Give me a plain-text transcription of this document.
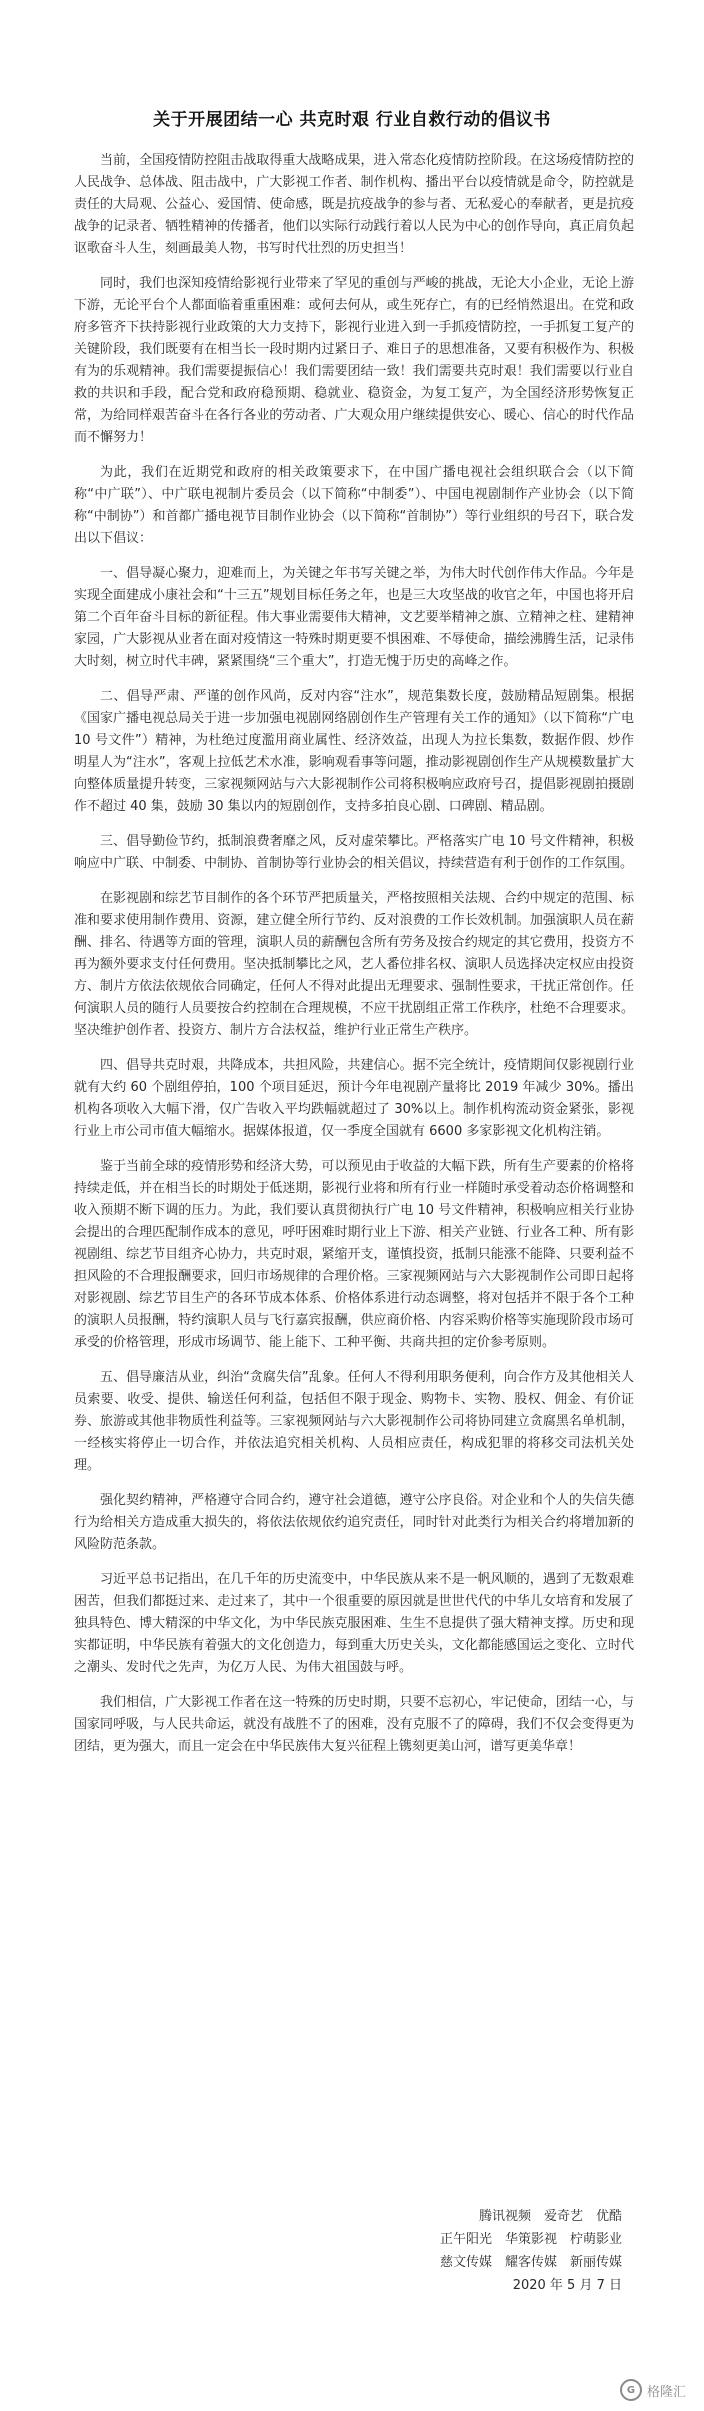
关于开展团结一心 共克时艰 行业自救行动的倡议书

当前，全国疫情防控阻击战取得重大战略成果，进入常态化疫情防控阶段。在这场疫情防控的人民战争、总体战、阻击战中，广大影视工作者、制作机构、播出平台以疫情就是命令，防控就是责任的大局观、公益心、爱国情、使命感，既是抗疫战争的参与者、无私爱心的奉献者，更是抗疫战争的记录者、牺牲精神的传播者，他们以实际行动践行着以人民为中心的创作导向，真正肩负起讴歌奋斗人生，刻画最美人物，书写时代壮烈的历史担当！

同时，我们也深知疫情给影视行业带来了罕见的重创与严峻的挑战，无论大小企业，无论上游下游，无论平台个人都面临着重重困难：或何去何从，或生死存亡，有的已经悄然退出。在党和政府多管齐下扶持影视行业政策的大力支持下，影视行业进入到一手抓疫情防控，一手抓复工复产的关键阶段，我们既要有在相当长一段时期内过紧日子、难日子的思想准备，又要有积极作为、积极有为的乐观精神。我们需要提振信心！我们需要团结一致！我们需要共克时艰！我们需要以行业自救的共识和手段，配合党和政府稳预期、稳就业、稳资金，为复工复产，为全国经济形势恢复正常，为给同样艰苦奋斗在各行各业的劳动者、广大观众用户继续提供安心、暖心、信心的时代作品而不懈努力！

为此，我们在近期党和政府的相关政策要求下，在中国广播电视社会组织联合会（以下简称“中广联”）、中广联电视制片委员会（以下简称“中制委”）、中国电视剧制作产业协会（以下简称“中制协”）和首都广播电视节目制作业协会（以下简称“首制协”）等行业组织的号召下，联合发出以下倡议：

一、倡导凝心聚力，迎难而上，为关键之年书写关键之举，为伟大时代创作伟大作品。今年是实现全面建成小康社会和“十三五”规划目标任务之年，也是三大攻坚战的收官之年，中国也将开启第二个百年奋斗目标的新征程。伟大事业需要伟大精神，文艺要举精神之旗、立精神之柱、建精神家园，广大影视从业者在面对疫情这一特殊时期更要不惧困难、不辱使命，描绘沸腾生活，记录伟大时刻，树立时代丰碑，紧紧围绕“三个重大”，打造无愧于历史的高峰之作。

二、倡导严肃、严谨的创作风尚，反对内容“注水”，规范集数长度，鼓励精品短剧集。根据《国家广播电视总局关于进一步加强电视剧网络剧创作生产管理有关工作的通知》（以下简称“广电 10 号文件”）精神，为杜绝过度濫用商业属性、经济效益，出现人为拉长集数，数据作假、炒作明星人为“注水”，客观上拉低艺术水准，影响观看事等问题，推动影视剧创作生产从规模数量扩大向整体质量提升转变，三家视频网站与六大影视制作公司将积极响应政府号召，提倡影视剧拍摄剧作不超过 40 集，鼓励 30 集以内的短剧创作，支持多拍良心剧、口碑剧、精品剧。

三、倡导勤俭节约，抵制浪费奢靡之风，反对虚荣攀比。严格落实广电 10 号文件精神，积极响应中广联、中制委、中制协、首制协等行业协会的相关倡议，持续营造有利于创作的工作氛围。

在影视剧和综艺节目制作的各个环节严把质量关，严格按照相关法规、合约中规定的范围、标准和要求使用制作费用、资源，建立健全所行节约、反对浪费的工作长效机制。加强演职人员在薪酬、排名、待遇等方面的管理，演职人员的薪酬包含所有劳务及按合约规定的其它费用，投资方不再为额外要求支付任何费用。坚决抵制攀比之风，艺人番位排名权、演职人员选择决定权应由投资方、制片方依法依规依合同确定，任何人不得对此提出无理要求、强制性要求，干扰正常创作。任何演职人员的随行人员要按合约控制在合理规模，不应干扰剧组正常工作秩序，杜绝不合理要求。坚决维护创作者、投资方、制片方合法权益，维护行业正常生产秩序。

四、倡导共克时艰，共降成本，共担风险，共建信心。据不完全统计，疫情期间仅影视剧行业就有大约 60 个剧组停拍，100 个项目延迟，预计今年电视剧产量将比 2019 年减少 30%。播出机构各项收入大幅下滑，仅广告收入平均跌幅就超过了 30%以上。制作机构流动资金紧张，影视行业上市公司市值大幅缩水。据媒体报道，仅一季度全国就有 6600 多家影视文化机构注销。

鉴于当前全球的疫情形势和经济大势，可以预见由于收益的大幅下跌，所有生产要素的价格将持续走低，并在相当长的时期处于低迷期，影视行业将和所有行业一样随时承受着动态价格调整和收入预期不断下调的压力。为此，我们要认真贯彻执行广电 10 号文件精神，积极响应相关行业协会提出的合理匹配制作成本的意见，呼吁困难时期行业上下游、相关产业链、行业各工种、所有影视剧组、综艺节目组齐心协力，共克时艰，紧缩开支，谨慎投资，抵制只能涨不能降、只要利益不担风险的不合理报酬要求，回归市场规律的合理价格。三家视频网站与六大影视制作公司即日起将对影视剧、综艺节目生产的各环节成本体系、价格体系进行动态调整，将对包括并不限于各个工种的演职人员报酬，特约演职人员与飞行嘉宾报酬，供应商价格、内容采购价格等实施现阶段市场可承受的价格管理，形成市场调节、能上能下、工种平衡、共商共担的定价参考原则。

五、倡导廉洁从业，纠治“贪腐失信”乱象。任何人不得利用职务便利，向合作方及其他相关人员索要、收受、提供、输送任何利益，包括但不限于现金、购物卡、实物、股权、佣金、有价证券、旅游或其他非物质性利益等。三家视频网站与六大影视制作公司将协同建立贪腐黑名单机制，一经核实将停止一切合作，并依法追究相关机构、人员相应责任，构成犯罪的将移交司法机关处理。

强化契约精神，严格遵守合同合约，遵守社会道德，遵守公序良俗。对企业和个人的失信失德行为给相关方造成重大损失的，将依法依规依约追究责任，同时针对此类行为相关合约将增加新的风险防范条款。

习近平总书记指出，在几千年的历史流变中，中华民族从来不是一帆风顺的，遇到了无数艰难困苦，但我们都挺过来、走过来了，其中一个很重要的原因就是世世代代的中华儿女培育和发展了独具特色、博大精深的中华文化，为中华民族克服困难、生生不息提供了强大精神支撑。历史和现实都证明，中华民族有着强大的文化创造力，每到重大历史关头，文化都能感国运之变化、立时代之潮头、发时代之先声，为亿万人民、为伟大祖国鼓与呼。

我们相信，广大影视工作者在这一特殊的历史时期，只要不忘初心，牢记使命，团结一心，与国家同呼吸，与人民共命运，就没有战胜不了的困难，没有克服不了的障碍，我们不仅会变得更为团结，更为强大，而且一定会在中华民族伟大复兴征程上镌刻更美山河，谱写更美华章！

腾讯视频　爱奇艺　优酷
正午阳光　华策影视　柠萌影业
慈文传媒　耀客传媒　新丽传媒
2020 年 5 月 7 日
G 格隆汇
